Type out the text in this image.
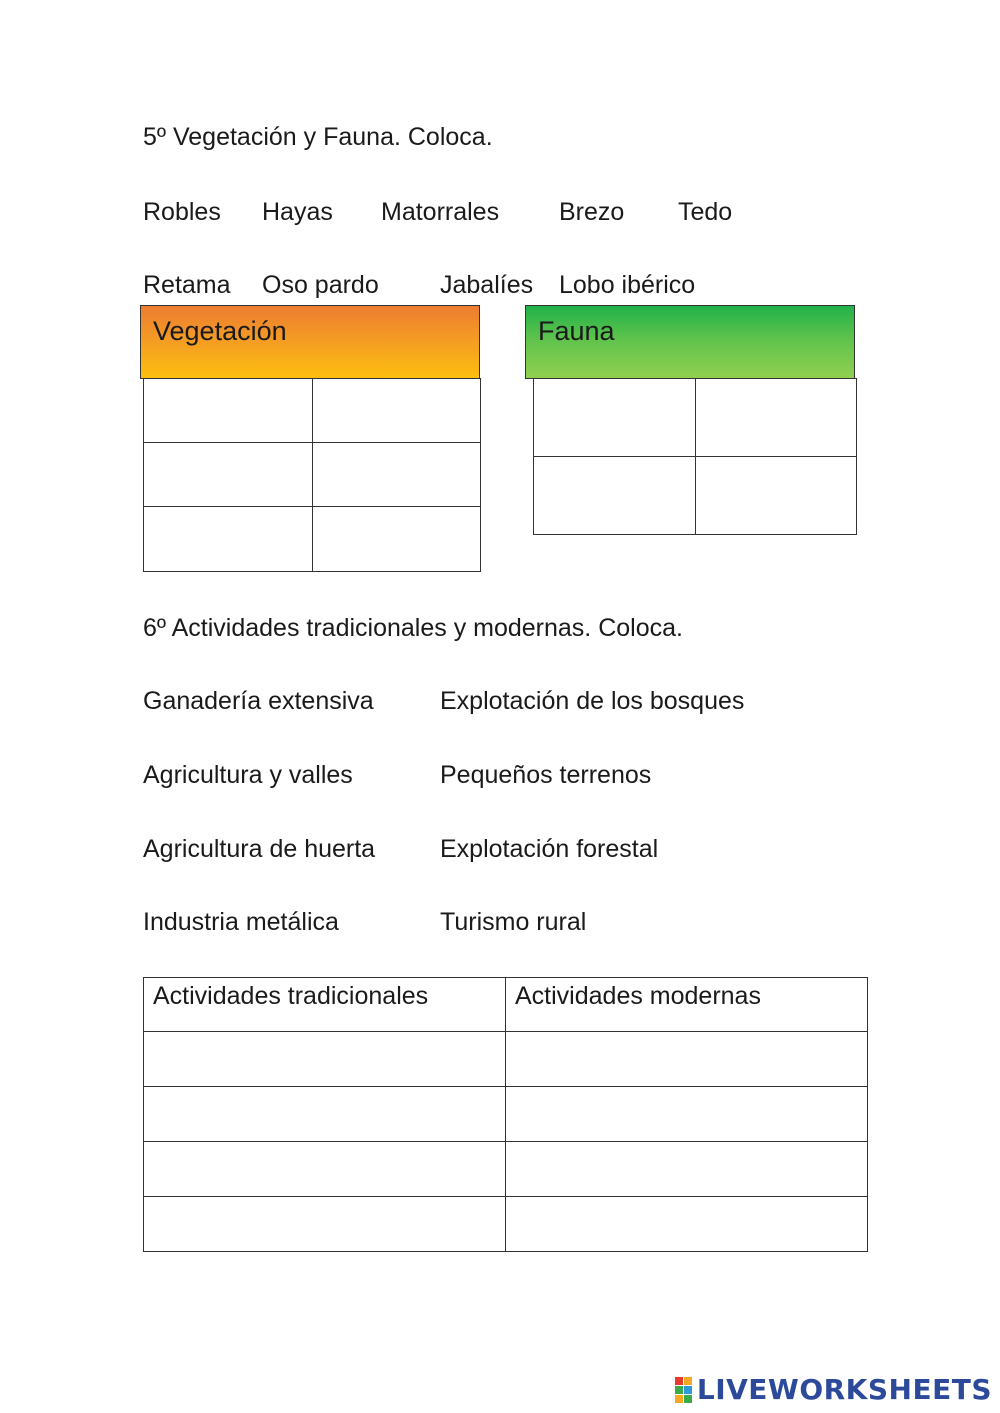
5º Vegetación y Fauna. Coloca.
Robles Hayas Matorrales Brezo Tedo
Retama Oso pardo Jabalíes Lobo ibérico
Vegetación	Fauna

6º Actividades tradicionales y modernas. Coloca.
Ganadería extensiva	Explotación de los bosques
Agricultura y valles	Pequeños terrenos
Agricultura de huerta	Explotación forestal
Industria metálica	Turismo rural
Actividades tradicionales	Actividades modernas

LIVEWORKSHEETS
